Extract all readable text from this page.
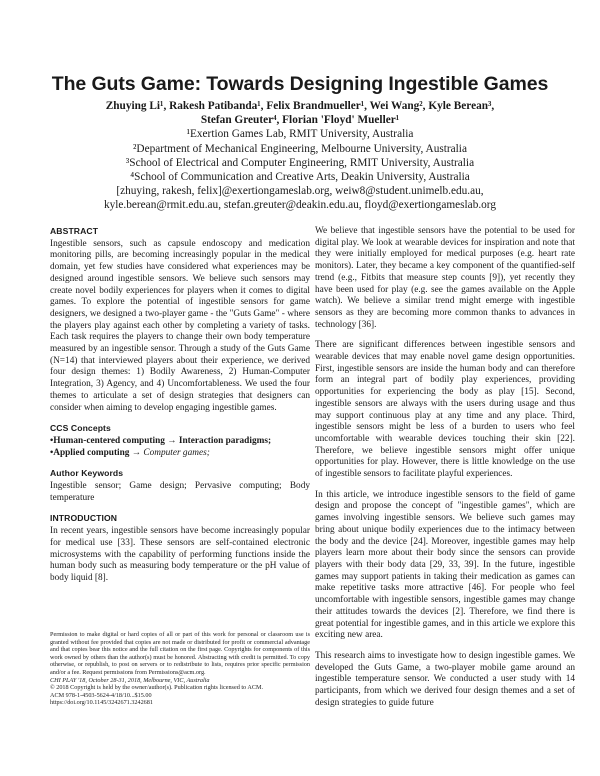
The Guts Game: Towards Designing Ingestible Games
Zhuying Li¹, Rakesh Patibanda¹, Felix Brandmueller¹, Wei Wang², Kyle Berean³,
Stefan Greuter⁴, Florian 'Floyd' Mueller¹
¹Exertion Games Lab, RMIT University, Australia
²Department of Mechanical Engineering, Melbourne University, Australia
³School of Electrical and Computer Engineering, RMIT University, Australia
⁴School of Communication and Creative Arts, Deakin University, Australia
[zhuying, rakesh, felix]@exertiongameslab.org, weiw8@student.unimelb.edu.au,
kyle.berean@rmit.edu.au, stefan.greuter@deakin.edu.au, floyd@exertiongameslab.org
ABSTRACT

Ingestible sensors, such as capsule endoscopy and medication monitoring pills, are becoming increasingly popular in the medical domain, yet few studies have considered what experiences may be designed around ingestible sensors. We believe such sensors may create novel bodily experiences for players when it comes to digital games. To explore the potential of ingestible sensors for game designers, we designed a two-player game - the "Guts Game" - where the players play against each other by completing a variety of tasks. Each task requires the players to change their own body temperature measured by an ingestible sensor. Through a study of the Guts Game (N=14) that interviewed players about their experience, we derived four design themes: 1) Bodily Awareness, 2) Human-Computer Integration, 3) Agency, and 4) Uncomfortableness. We used the four themes to articulate a set of design strategies that designers can consider when aiming to develop engaging ingestible games.

CCS Concepts
•Human-centered computing → Interaction paradigms;
•Applied computing → Computer games;
Author Keywords

Ingestible sensor; Game design; Pervasive computing; Body temperature

INTRODUCTION

In recent years, ingestible sensors have become increasingly popular for medical use [33]. These sensors are self-contained electronic microsystems with the capability of performing functions inside the human body such as measuring body temperature or the pH value of body liquid [8].

Permission to make digital or hard copies of all or part of this work for personal or classroom use is granted without fee provided that copies are not made or distributed for profit or commercial advantage and that copies bear this notice and the full citation on the first page. Copyrights for components of this work owned by others than the author(s) must be honored. Abstracting with credit is permitted. To copy otherwise, or republish, to post on servers or to redistribute to lists, requires prior specific permission and/or a fee. Request permissions from Permissions@acm.org.

CHI PLAY '18, October 28-31, 2018, Melbourne, VIC, Australia

© 2018 Copyright is held by the owner/author(s). Publication rights licensed to ACM.

ACM 978-1-4503-5624-4/18/10...$15.00

https://doi.org/10.1145/3242671.3242681

We believe that ingestible sensors have the potential to be used for digital play. We look at wearable devices for inspiration and note that they were initially employed for medical purposes (e.g. heart rate monitors). Later, they became a key component of the quantified-self trend (e.g., Fitbits that measure step counts [9]), yet recently they have been used for play (e.g. see the games available on the Apple watch). We believe a similar trend might emerge with ingestible sensors as they are becoming more common thanks to advances in technology [36].

There are significant differences between ingestible sensors and wearable devices that may enable novel game design opportunities. First, ingestible sensors are inside the human body and can therefore form an integral part of bodily play experiences, providing opportunities for experiencing the body as play [15]. Second, ingestible sensors are always with the users during usage and thus may support continuous play at any time and any place. Third, ingestible sensors might be less of a burden to users who feel uncomfortable with wearable devices touching their skin [22]. Therefore, we believe ingestible sensors might offer unique opportunities for play. However, there is little knowledge on the use of ingestible sensors to facilitate playful experiences.

In this article, we introduce ingestible sensors to the field of game design and propose the concept of "ingestible games", which are games involving ingestible sensors. We believe such games may bring about unique bodily experiences due to the intimacy between the body and the device [24]. Moreover, ingestible games may help players learn more about their body since the sensors can provide players with their body data [29, 33, 39]. In the future, ingestible games may support patients in taking their medication as games can make repetitive tasks more attractive [46]. For people who feel uncomfortable with ingestible sensors, ingestible games may change their attitudes towards the devices [2]. Therefore, we find there is great potential for ingestible games, and in this article we explore this exciting new area.

This research aims to investigate how to design ingestible games. We developed the Guts Game, a two-player mobile game around an ingestible temperature sensor. We conducted a user study with 14 participants, from which we derived four design themes and a set of design strategies to guide future
